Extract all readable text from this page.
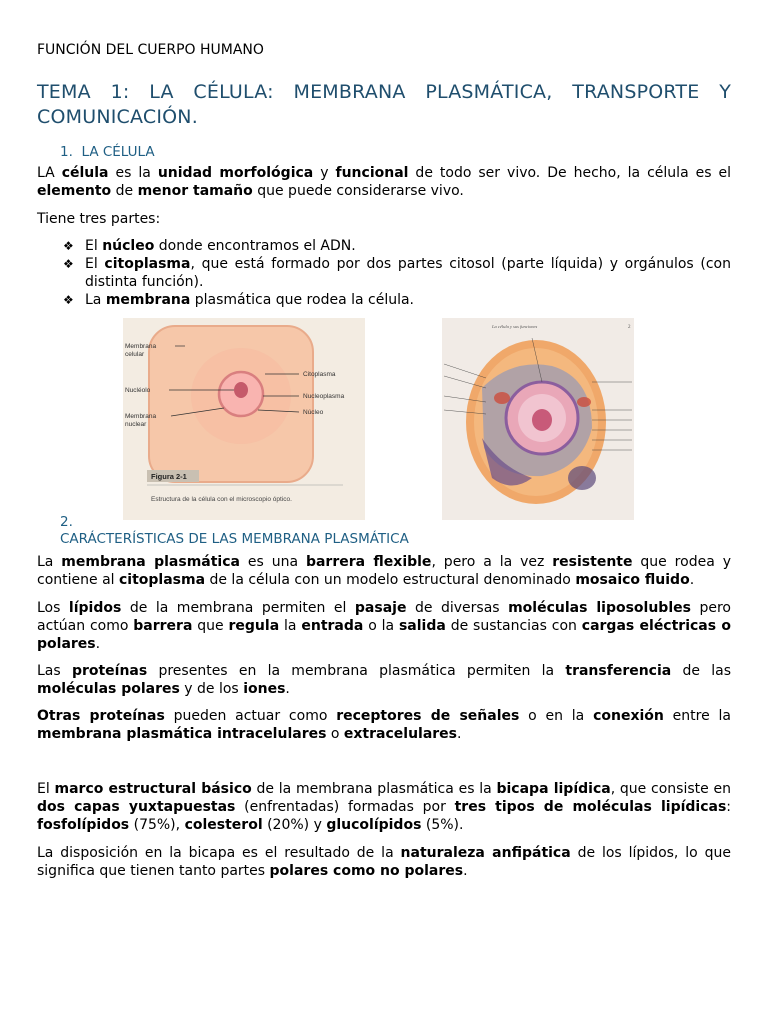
FUNCIÓN DEL CUERPO HUMANO
TEMA 1: LA CÉLULA: MEMBRANA PLASMÁTICA, TRANSPORTE Y COMUNICACIÓN.
1. LA CÉLULA
LA célula es la unidad morfológica y funcional de todo ser vivo. De hecho, la célula es el elemento de menor tamaño que puede considerarse vivo.
Tiene tres partes:
❖ El núcleo donde encontramos el ADN.
❖ El citoplasma, que está formado por dos partes citosol (parte líquida) y orgánulos (con distinta función).
❖ La membrana plasmática que rodea la célula.
Membrana
celular
Nucléolo
Membrana
nuclear
Citoplasma
Nucleoplasma
Núcleo
Figura 2-1
Estructura de la célula con el microscopio óptico.
La célula y sus funciones	2
2.
CARÁCTERÍSTICAS DE LAS MEMBRANA PLASMÁTICA
La membrana plasmática es una barrera flexible, pero a la vez resistente que rodea y contiene al citoplasma de la célula con un modelo estructural denominado mosaico fluido.
Los lípidos de la membrana permiten el pasaje de diversas moléculas liposolubles pero actúan como barrera que regula la entrada o la salida de sustancias con cargas eléctricas o polares.
Las proteínas presentes en la membrana plasmática permiten la transferencia de las moléculas polares y de los iones.
Otras proteínas pueden actuar como receptores de señales o en la conexión entre la membrana plasmática intracelulares o extracelulares.
El marco estructural básico de la membrana plasmática es la bicapa lipídica, que consiste en dos capas yuxtapuestas (enfrentadas) formadas por tres tipos de moléculas lipídicas: fosfolípidos (75%), colesterol (20%) y glucolípidos (5%).
La disposición en la bicapa es el resultado de la naturaleza anfipática de los lípidos, lo que significa que tienen tanto partes polares como no polares.
